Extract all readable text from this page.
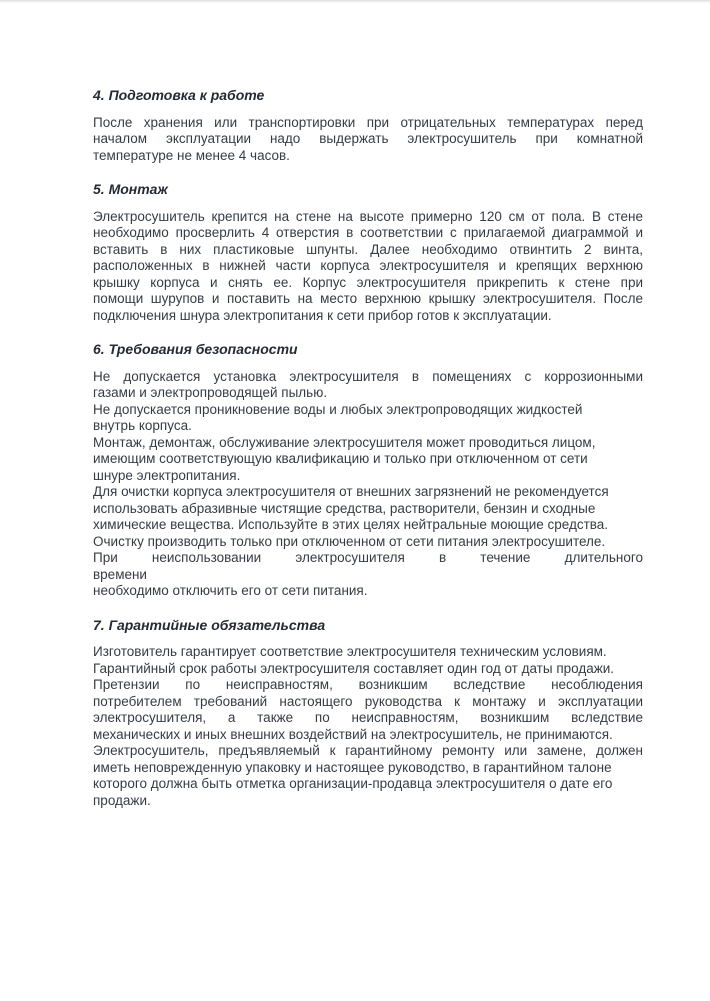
4. Подготовка к работе

После хранения или транспортировки при отрицательных температурах перед
началом эксплуатации надо выдержать электросушитель при комнатной
температуре не менее 4 часов.

5. Монтаж

Электросушитель крепится на стене на высоте примерно 120 см от пола. В стене
необходимо просверлить 4 отверстия в соответствии с прилагаемой диаграммой и
вставить в них пластиковые шпунты. Далее необходимо отвинтить 2 винта,
расположенных в нижней части корпуса электросушителя и крепящих верхнюю
крышку корпуса и снять ее. Корпус электросушителя прикрепить к стене при
помощи шурупов и поставить на место верхнюю крышку электросушителя. После
подключения шнура электропитания к сети прибор готов к эксплуатации.

6. Требования безопасности

Не допускается установка электросушителя в помещениях с коррозионными
газами и электропроводящей пылью.

Не допускается проникновение воды и любых электропроводящих жидкостей
внутрь корпуса.

Монтаж, демонтаж, обслуживание электросушителя может проводиться лицом,
имеющим соответствующую квалификацию и только при отключенном от сети
шнуре электропитания.

Для очистки корпуса электросушителя от внешних загрязнений не рекомендуется
использовать абразивные чистящие средства, растворители, бензин и сходные
химические вещества. Используйте в этих целях нейтральные моющие средства.

Очистку производить только при отключенном от сети питания электросушителе.

При неиспользовании электросушителя в течение длительного
времени

необходимо отключить его от сети питания.

7. Гарантийные обязательства

Изготовитель гарантирует соответствие электросушителя техническим условиям.
Гарантийный срок работы электросушителя составляет один год от даты продажи.
Претензии по неисправностям, возникшим вследствие несоблюдения
потребителем требований настоящего руководства к монтажу и эксплуатации
электросушителя, а также по неисправностям, возникшим вследствие
механических и иных внешних воздействий на электросушитель, не принимаются.
Электросушитель, предъявляемый к гарантийному ремонту или замене, должен
иметь неповрежденную упаковку и настоящее руководство, в гарантийном талоне
которого должна быть отметка организации-продавца электросушителя о дате его
продажи.
